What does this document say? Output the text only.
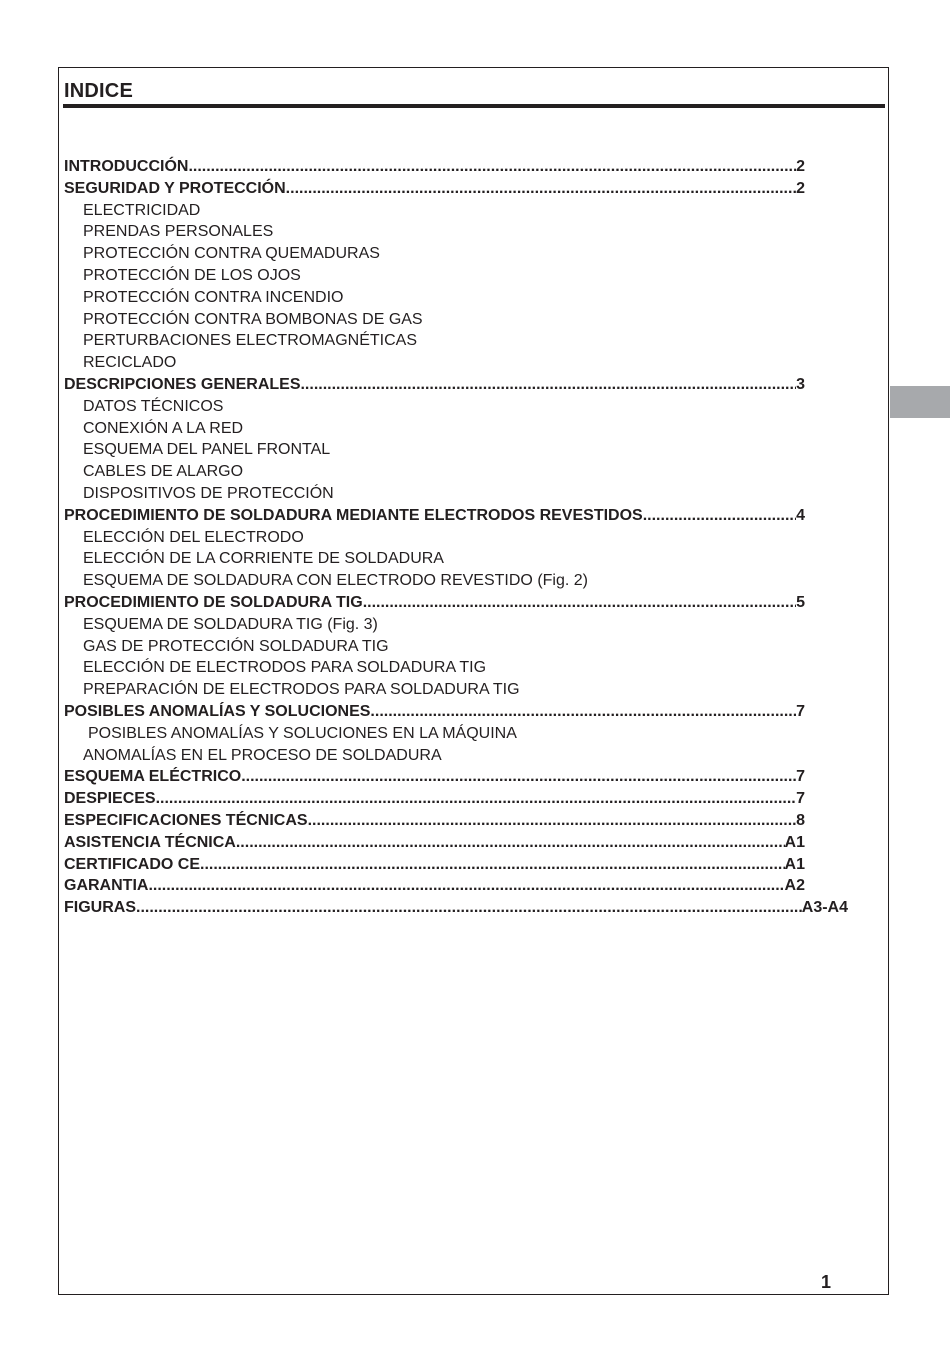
INDICE
INTRODUCCIÓN .....	2
SEGURIDAD Y PROTECCIÓN .....	2
ELECTRICIDAD
PRENDAS PERSONALES
PROTECCIÓN CONTRA QUEMADURAS
PROTECCIÓN DE LOS OJOS
PROTECCIÓN CONTRA INCENDIO
PROTECCIÓN CONTRA BOMBONAS DE GAS
PERTURBACIONES ELECTROMAGNÉTICAS
RECICLADO
DESCRIPCIONES GENERALES .....	3
DATOS TÉCNICOS
CONEXIÓN A LA RED
ESQUEMA DEL PANEL FRONTAL
CABLES DE ALARGO
DISPOSITIVOS DE PROTECCIÓN
PROCEDIMIENTO DE SOLDADURA MEDIANTE ELECTRODOS REVESTIDOS .....	4
ELECCIÓN DEL ELECTRODO
ELECCIÓN DE LA CORRIENTE DE SOLDADURA
ESQUEMA DE SOLDADURA CON ELECTRODO REVESTIDO (Fig. 2)
PROCEDIMIENTO DE SOLDADURA TIG .....	5
ESQUEMA DE SOLDADURA TIG (Fig. 3)
GAS DE PROTECCIÓN SOLDADURA TIG
ELECCIÓN DE ELECTRODOS PARA SOLDADURA TIG
PREPARACIÓN DE ELECTRODOS PARA SOLDADURA TIG
POSIBLES ANOMALÍAS Y SOLUCIONES .....	7
POSIBLES ANOMALÍAS Y SOLUCIONES EN LA MÁQUINA
ANOMALÍAS EN EL PROCESO DE SOLDADURA
ESQUEMA ELÉCTRICO .....	7
DESPIECES .....	7
ESPECIFICACIONES TÉCNICAS .....	8
ASISTENCIA TÉCNICA .....	A1
CERTIFICADO CE .....	A1
GARANTIA .....	A2
FIGURAS .....	A3-A4
1
